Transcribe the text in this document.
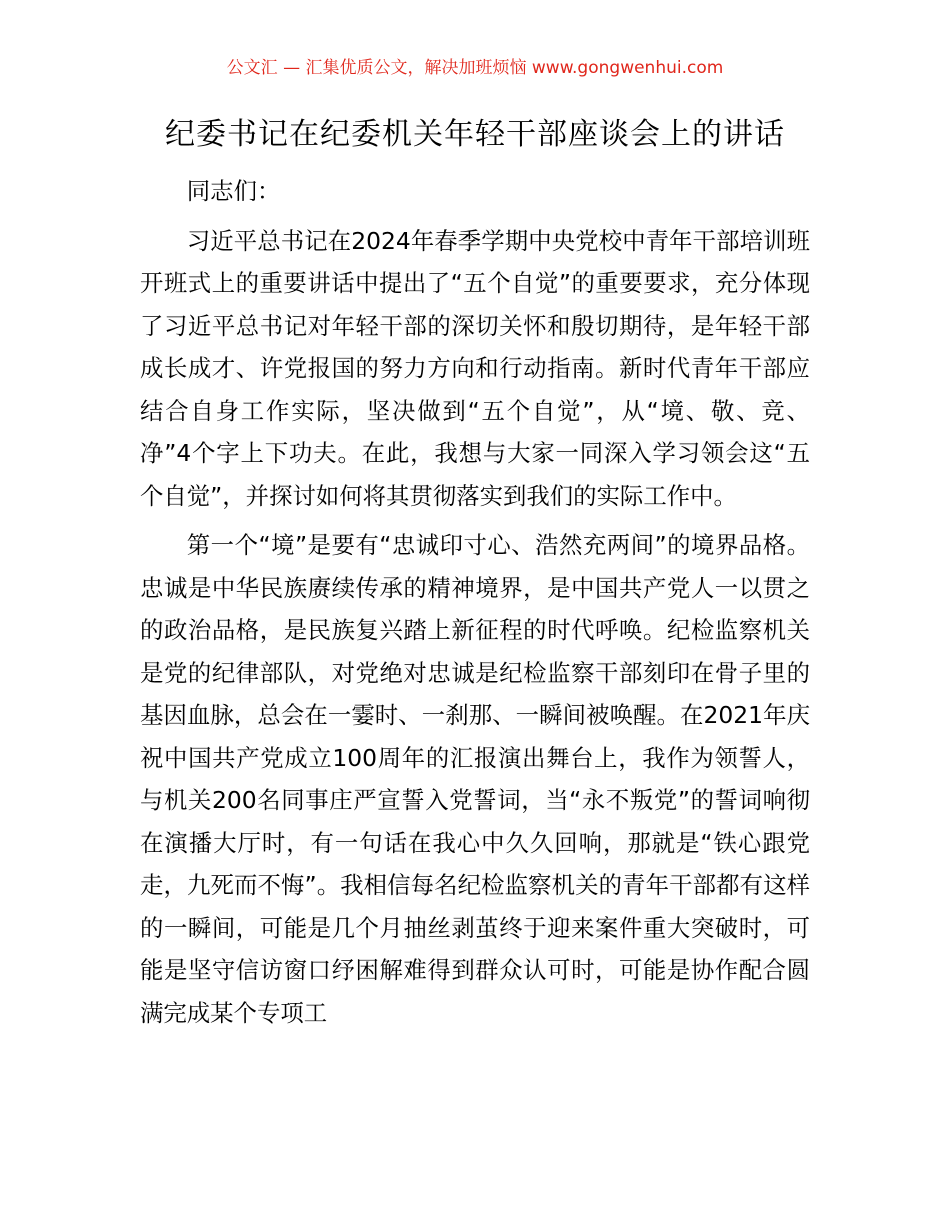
公文汇 — 汇集优质公文，解决加班烦恼 www.gongwenhui.com
纪委书记在纪委机关年轻干部座谈会上的讲话

同志们：

习近平总书记在2024年春季学期中央党校中青年干部培训班开班式上的重要讲话中提出了“五个自觉”的重要要求，充分体现了习近平总书记对年轻干部的深切关怀和殷切期待，是年轻干部成长成才、许党报国的努力方向和行动指南。新时代青年干部应结合自身工作实际，坚决做到“五个自觉”，从“境、敬、竞、净”4个字上下功夫。在此，我想与大家一同深入学习领会这“五个自觉”，并探讨如何将其贯彻落实到我们的实际工作中。

第一个“境”是要有“忠诚印寸心、浩然充两间”的境界品格。忠诚是中华民族赓续传承的精神境界，是中国共产党人一以贯之的政治品格，是民族复兴踏上新征程的时代呼唤。纪检监察机关是党的纪律部队，对党绝对忠诚是纪检监察干部刻印在骨子里的基因血脉，总会在一霎时、一刹那、一瞬间被唤醒。在2021年庆祝中国共产党成立100周年的汇报演出舞台上，我作为领誓人，与机关200名同事庄严宣誓入党誓词，当“永不叛党”的誓词响彻在演播大厅时，有一句话在我心中久久回响，那就是“铁心跟党走，九死而不悔”。我相信每名纪检监察机关的青年干部都有这样的一瞬间，可能是几个月抽丝剥茧终于迎来案件重大突破时，可能是坚守信访窗口纾困解难得到群众认可时，可能是协作配合圆满完成某个专项工
